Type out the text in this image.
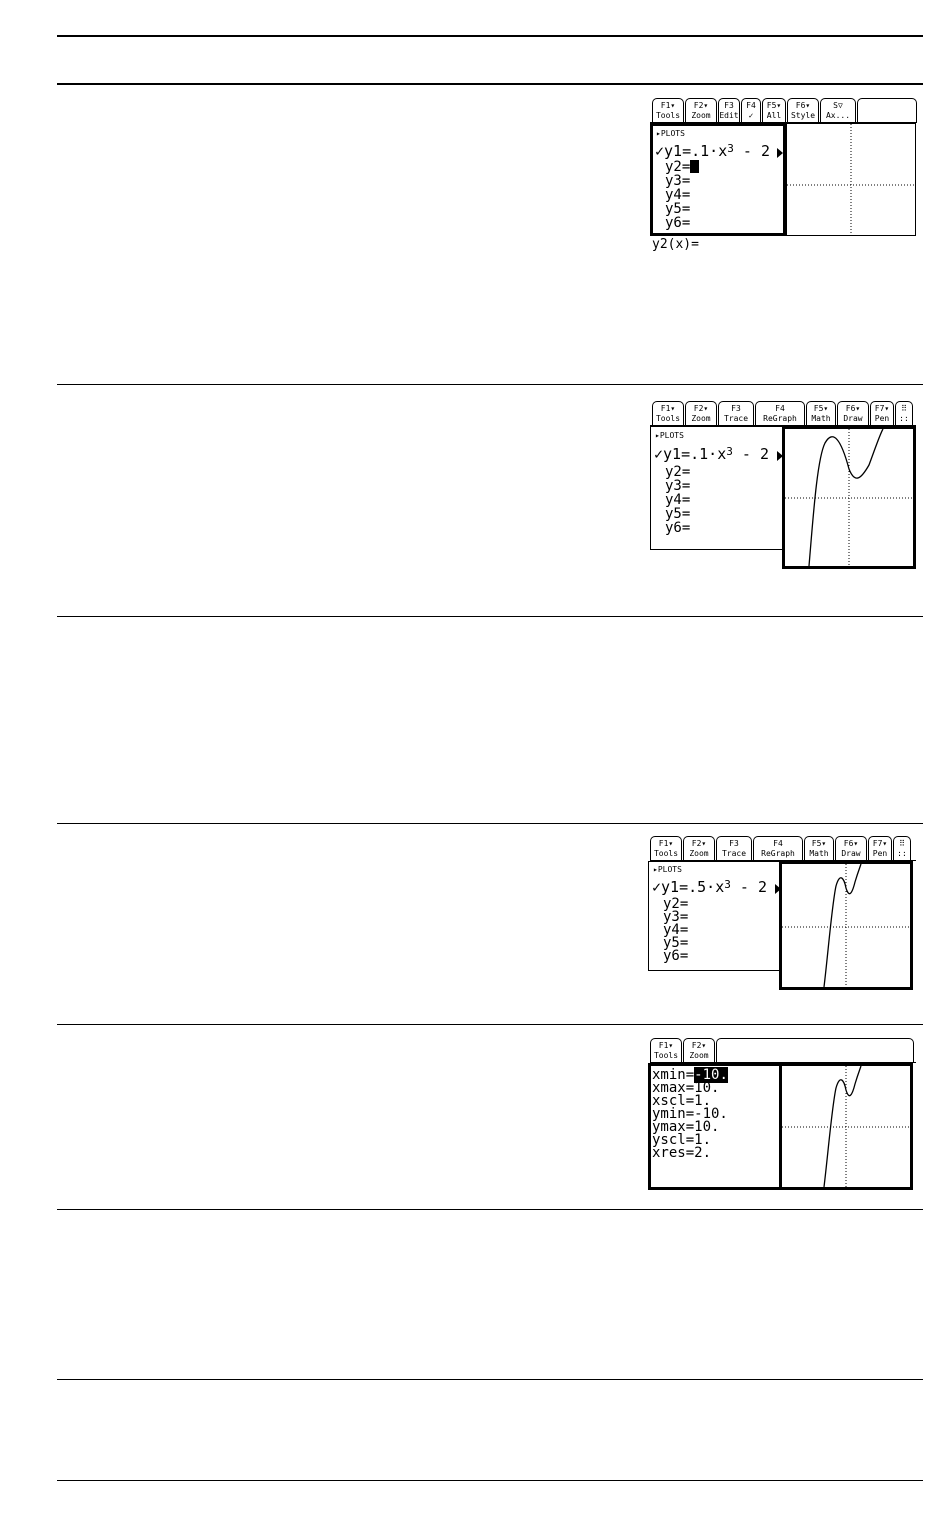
F1▾
Tools
F2▾
Zoom
F3
Edit
F4
✓
F5▾
All
F6▾
Style
S▽
Ax...
▸PLOTS
$✓y1=.1\cdot x^3 - 2$
y2=
y3=
y4=
y5=
y6=
y2(x)=
F1▾
Tools
F2▾
Zoom
F3
Trace
F4
ReGraph
F5▾
Math
F6▾
Draw
F7▾
Pen
⠿
::
▸PLOTS
$✓y1=.1\cdot x^3 - 2$
y2=
y3=
y4=
y5=
y6=
F1▾
Tools
F2▾
Zoom
F3
Trace
F4
ReGraph
F5▾
Math
F6▾
Draw
F7▾
Pen
⠿
::
▸PLOTS
$✓y1=.5\cdot x^3 - 2$
y2=
y3=
y4=
y5=
y6=
F1▾
Tools
F2▾
Zoom
xmin=-10.
xmax=10.
xscl=1.
ymin=-10.
ymax=10.
yscl=1.
xres=2.
